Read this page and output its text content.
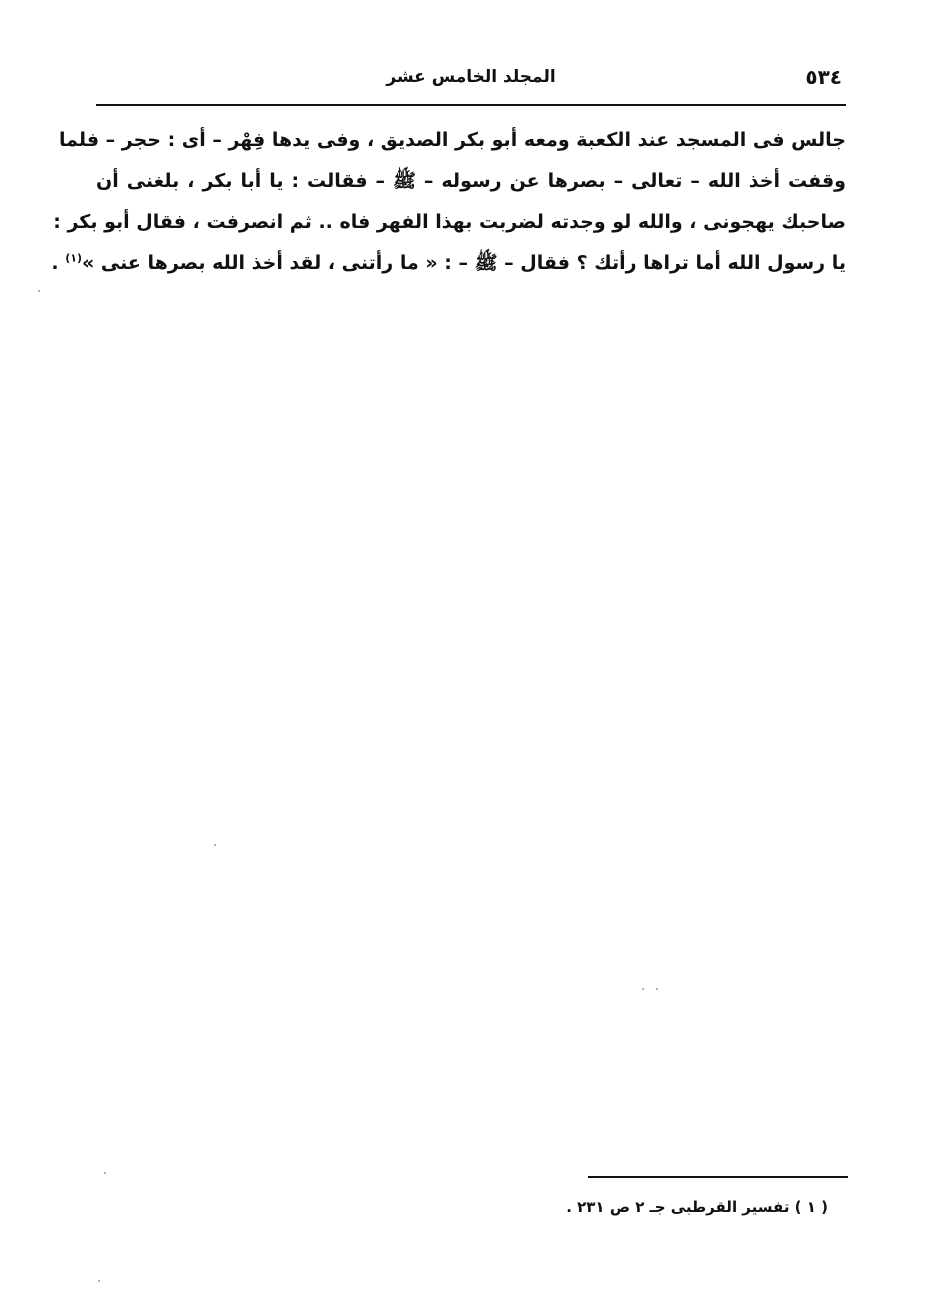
٥٣٤
المجلد الخامس عشر
جالس فى المسجد عند الكعبة ومعه أبو بكر الصديق ، وفى يدها فِهْر – أى : حجر – فلما
وقفت أخذ الله – تعالى – بصرها عن رسوله – ﷺ – فقالت : يا أبا بكر ، بلغنى أن
صاحبك يهجونى ، والله لو وجدته لضربت بهذا الفهر فاه .. ثم انصرفت ، فقال أبو بكر :
يا رسول الله أما تراها رأتك ؟ فقال – ﷺ – : « ما رأتنى ، لقد أخذ الله بصرها عنى »$^{(١)}$ .
( ١ ) تفسير القرطبى جـ ٢ ص ٢٣١ .
